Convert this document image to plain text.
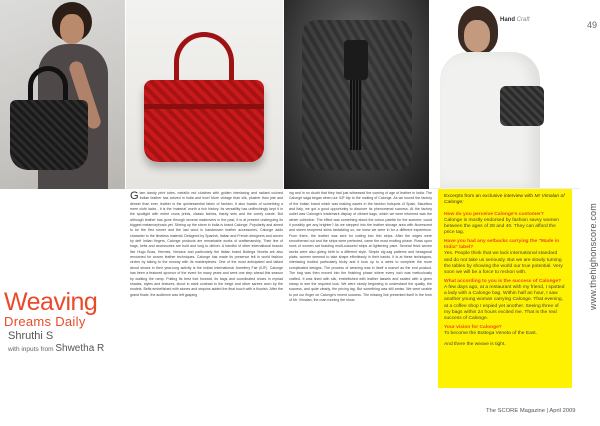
Hand Craft	49
Weaving
Dreams Daily
Shruthi S
with inputs from Shwetha R
G lam dandy print totes, metallic red clutches with golden interlacing and radiant colored Indian leather has arrived in India and how! More vintage than silk, plusher than jute and denser than ever, leather is the quintessential fabric of fashion. It also boasts of something a mere cloth lacks - it is the 'material' worth a rich history. Its versatility has unflinchingly kept it in the spotlight with entire cross prints, classic fabrics, flashy sets and the comfy suede. But although leather has gone through several makeovers in the past, it is at present undergoing its biggest metamorphosis yet. Stirring up the storm in India is brand Calonge. Popularity and aimed to be the first runner and the last word in handwoven leather accessories, Calonge adds character to the timeless material. Designed by Spanish, Italian and French designers and woven by deft Indian fingers, Calonge products are remarkable works of craftsmanship. Their line of bags, belts and accessories are bold and long to deliver. A handful of other international brands like Hugo Boss, Hermes, Versace and particularly the Italian brand Bottega Veneta are also renowned for woven leather techniques. Calonge has made its presence felt in world fashion circles by taking to the runway with its masterpieces. One of the most anticipated and talked about shows in their year-long activity is the Indian International Jewellery Fair (IIJF). Calonge has been a featured sponsor of the event for many years and went one step ahead this season by walking the ramp. Putting its best foot forward, its bags and coordinated shoes in myriad shades, styles and textures, stood in stark contrast to the beige and silver sarees worn by the models. Belts embellished with stones and sequins added the final touch with a flourish. After the grand finale, the audience was left gasping
ing and in no doubt that they had just witnessed the coming of age of leather in India. The Calonge saga began when our IIJF trip to the making of Calonge. As we toured the factory of the Indian brand which was making waves in the fashion hotspots of Spain, Mauritius and Italy, we got a good opportunity to discover its phenomenal success. At the factory outlet was Calonge's trademark display of vibrant bags, which we were informed was the winter collection. The effect was something about the colour palette for the summer; could it possibly get any brighter? As we stepped into the leather storage area with fluorescent and sheen tempered skins tantalizing us, we knew we were in for a different experience. From there, the leather was sent for cutting into thin strips. After the edges were smoothened out and the strips were perfected, came the most exciting phase. Rows upon rows of women sat braiding multi-coloured strips at lightening pace. Several thick woven works were also giving birth to a different style. Simple zig-zag patterns and hexagonal plaits, women seemed to take shape effortlessly in their hands. It is at these techniques, interlacing bodied particularly tricky and it took up to a week to complete the more complicated designs. The process of weaving was in itself a marvel as the end product. The bag was then moved into the finishing phase where every inch was meticulously crafted. It was lined with silk, embellished with leather tassels and sealed with a given stamp to see the required look. We were slowly beginning to understand the quality, the success, and quite clearly, the pricing tag. But something was still amiss. We went unable to put our finger on Calonge's recent success. The missing link presented itself in the form of Mr. Vimalan, the man running the show.
Excerpts from an exclusive interview with Mr Vimalan of Calonge:
How do you perceive Calonge's customer?
Calonge is mostly endorsed by fashion savvy women between the ages of 28 and 40. They can afford the price tag.
Have you had any setbacks carrying the "Made in India" label?
Yes. People think that we lack international standard and do not take us seriously. But we are slowly turning the tables by showing the world our true potential. Very soon we will be a force to reckon with.
What according to you is the success of Calonge?
A few days ago, at a restaurant with my friend, I spotted a lady with a Calonge bag. Within half an hour, I saw another young woman carrying Calonge. That evening, at a coffee shop I espied yet another. Seeing three of my bags within 24 hours excited me. That is the real success of Calonge.
Your vision for Calonge?
To become the Bottega Veneta of the East.
And there the weave is tight.
www.thehighonscore.com
The SCORE Magazine | April 2009
